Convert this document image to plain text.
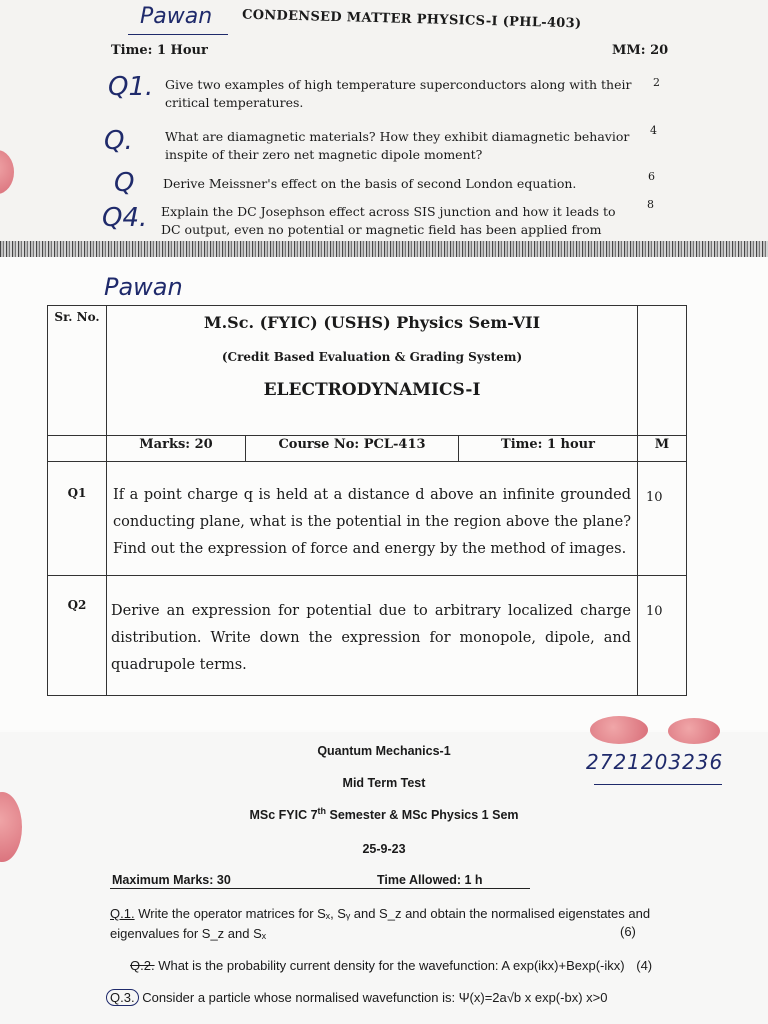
Pawan CONDENSED MATTER PHYSICS-I (PHL-403)
Time: 1 Hour	MM: 20
Q1. Give two examples of high temperature superconductors along with their critical temperatures.
2
Q.	What are diamagnetic materials? How they exhibit diamagnetic behavior inspite of their zero net magnetic dipole moment?
4
Q Derive Meissner's effect on the basis of second London equation.	6
Q4. Explain the DC Josephson effect across SIS junction and how it leads to DC output, even no potential or magnetic field has been applied from
8
Pawan
Sr. No.	M.Sc. (FYIC) (USHS) Physics Sem-VII
(Credit Based Evaluation & Grading System)
ELECTRODYNAMICS-I			

	Marks: 20	Course No: PCL-413	Time: 1 hour	M
Q1	If a point charge q is held at a distance d above an infinite grounded conducting plane, what is the potential in the region above the plane? Find out the expression of force and energy by the method of images.			10
Q2	Derive an expression for potential due to arbitrary localized charge distribution. Write down the expression for monopole, dipole, and quadrupole terms.			10
Quantum Mechanics-1
Mid Term Test
MSc FYIC 7th Semester & MSc Physics 1 Sem
25-9-23
2721203236
Maximum Marks: 30	Time Allowed: 1 h
Q.1. Write the operator matrices for Sₓ, Sᵧ and S_z and obtain the normalised eigenstates and eigenvalues for S_z and Sₓ	(6)
Q.2. What is the probability current density for the wavefunction: A exp(ikx)+Bexp(-ikx) (4)
Q.3. Consider a particle whose normalised wavefunction is: Ψ(x)=2a√b x exp(-bx) x>0
